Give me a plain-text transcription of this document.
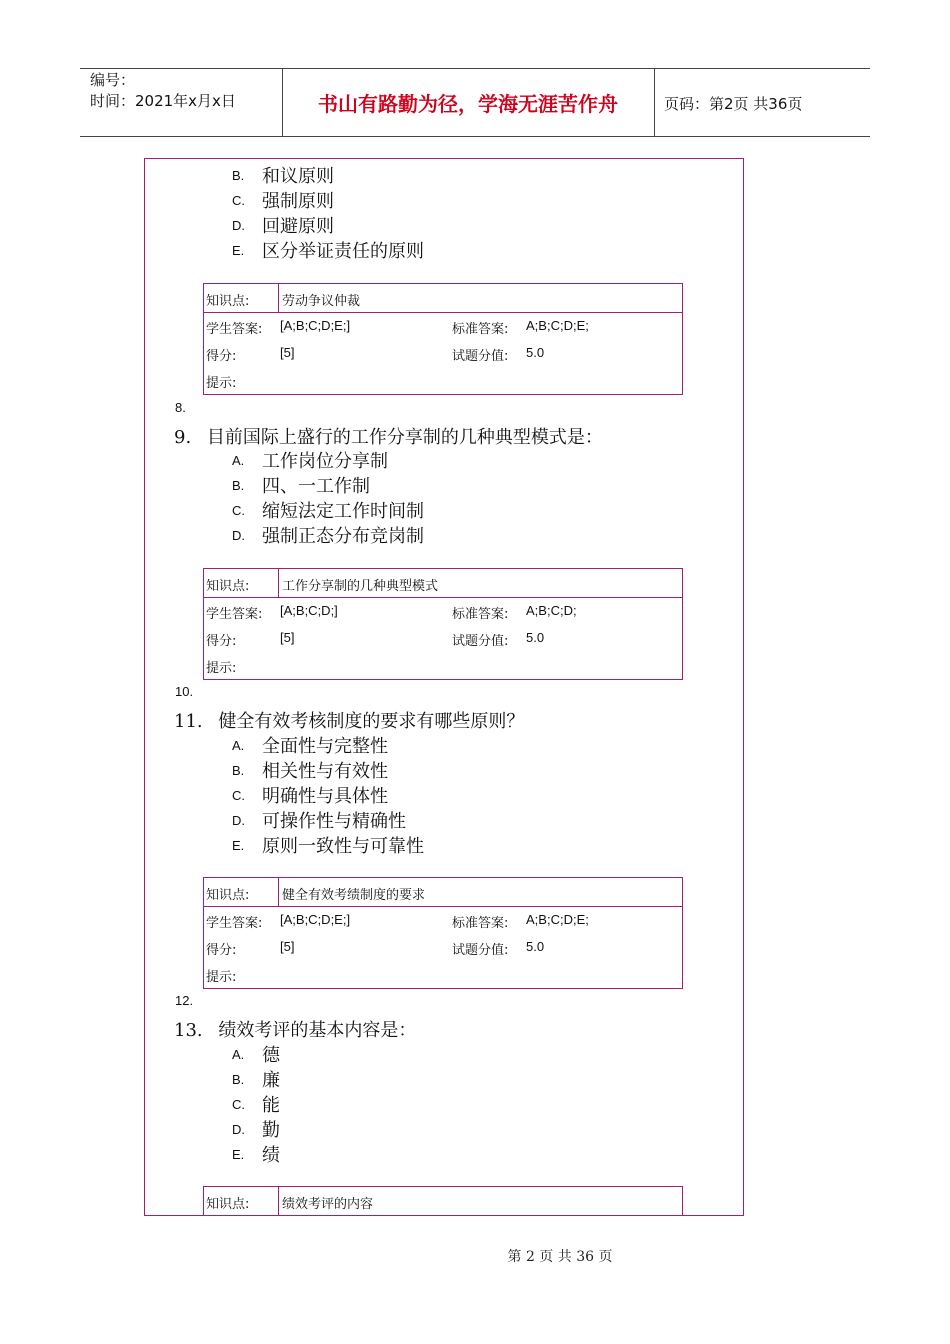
编号：
时间：2021年x月x日	书山有路勤为径，学海无涯苦作舟	页码：第2页 共36页
B. 和议原则
C. 强制原则
D. 回避原则
E. 区分举证责任的原则
知识点:	劳动争议仲裁
学生答案: [A;B;C;D;E;]	标准答案: A;B;C;D;E;
得分:	[5]	试题分值: 5.0
提示:
8.
9. 目前国际上盛行的工作分享制的几种典型模式是：
A. 工作岗位分享制
B. 四、一工作制
C. 缩短法定工作时间制
D. 强制正态分布竞岗制
知识点:	工作分享制的几种典型模式
学生答案: [A;B;C;D;]	标准答案: A;B;C;D;
得分:	[5]	试题分值: 5.0
提示:
10.
11. 健全有效考核制度的要求有哪些原则？
A. 全面性与完整性
B. 相关性与有效性
C. 明确性与具体性
D. 可操作性与精确性
E. 原则一致性与可靠性
知识点:	健全有效考绩制度的要求
学生答案: [A;B;C;D;E;]	标准答案: A;B;C;D;E;
得分:	[5]	试题分值: 5.0
提示:
12.
13. 绩效考评的基本内容是：
A. 德
B. 廉
C. 能
D. 勤
E. 绩
知识点:	绩效考评的内容
第 2 页 共 36 页
